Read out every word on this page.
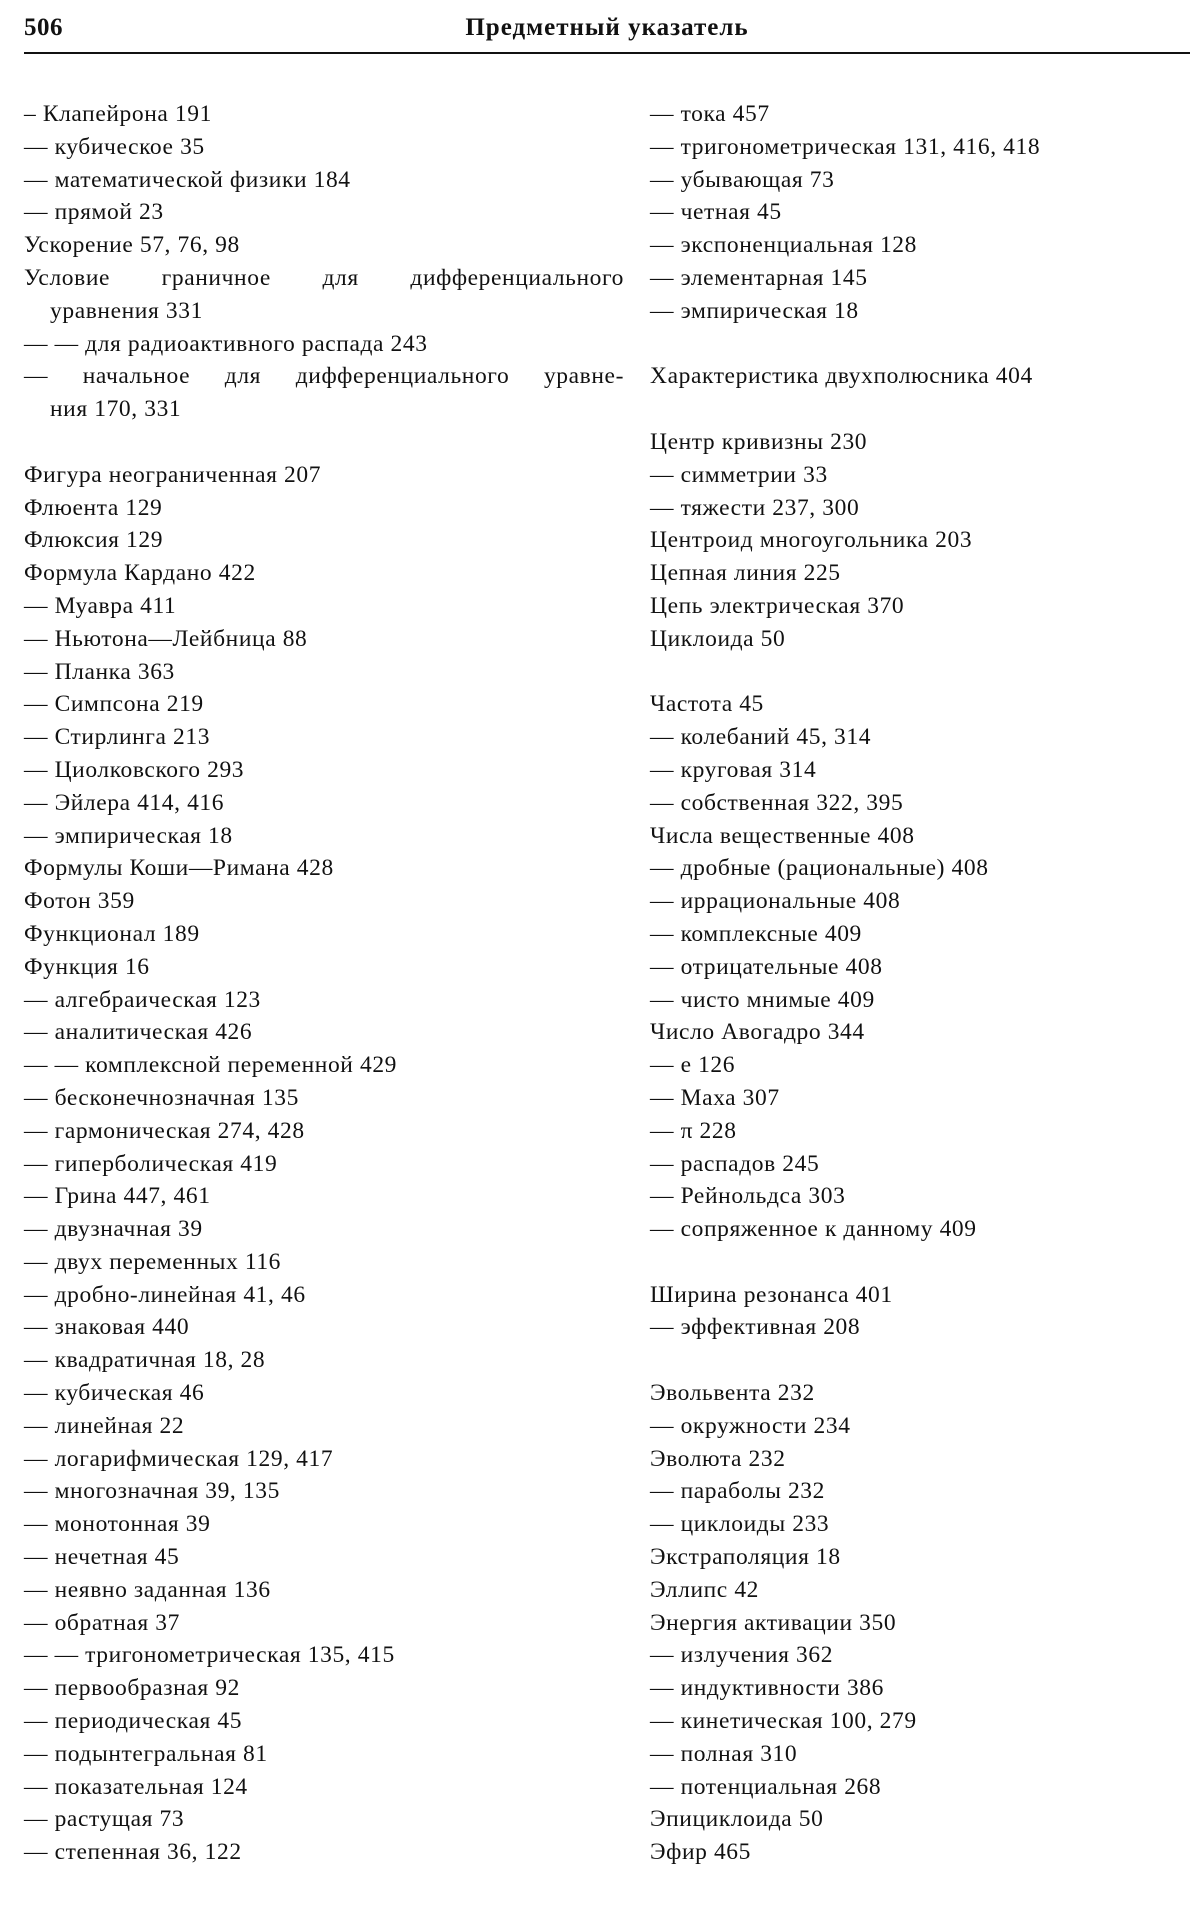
506	Предметный указатель
– Клапейрона 191
— кубическое 35
— математической физики 184
— прямой 23
Ускорение 57, 76, 98
Условие граничное для дифференциального
уравнения 331
— — для радиоактивного распада 243
— начальное для дифференциального уравне-
ния 170, 331
Фигура неограниченная 207
Флюента 129
Флюксия 129
Формула Кардано 422
— Муавра 411
— Ньютона—Лейбница 88
— Планка 363
— Симпсона 219
— Стирлинга 213
— Циолковского 293
— Эйлера 414, 416
— эмпирическая 18
Формулы Коши—Римана 428
Фотон 359
Функционал 189
Функция 16
— алгебраическая 123
— аналитическая 426
— — комплексной переменной 429
— бесконечнозначная 135
— гармоническая 274, 428
— гиперболическая 419
— Грина 447, 461
— двузначная 39
— двух переменных 116
— дробно-линейная 41, 46
— знаковая 440
— квадратичная 18, 28
— кубическая 46
— линейная 22
— логарифмическая 129, 417
— многозначная 39, 135
— монотонная 39
— нечетная 45
— неявно заданная 136
— обратная 37
— — тригонометрическая 135, 415
— первообразная 92
— периодическая 45
— подынтегральная 81
— показательная 124
— растущая 73
— степенная 36, 122
— тока 457
— тригонометрическая 131, 416, 418
— убывающая 73
— четная 45
— экспоненциальная 128
— элементарная 145
— эмпирическая 18
Характеристика двухполюсника 404
Центр кривизны 230
— симметрии 33
— тяжести 237, 300
Центроид многоугольника 203
Цепная линия 225
Цепь электрическая 370
Циклоида 50
Частота 45
— колебаний 45, 314
— круговая 314
— собственная 322, 395
Числа вещественные 408
— дробные (рациональные) 408
— иррациональные 408
— комплексные 409
— отрицательные 408
— чисто мнимые 409
Число Авогадро 344
— e 126
— Маха 307
— π 228
— распадов 245
— Рейнольдса 303
— сопряженное к данному 409
Ширина резонанса 401
— эффективная 208
Эвольвента 232
— окружности 234
Эволюта 232
— параболы 232
— циклоиды 233
Экстраполяция 18
Эллипс 42
Энергия активации 350
— излучения 362
— индуктивности 386
— кинетическая 100, 279
— полная 310
— потенциальная 268
Эпициклоида 50
Эфир 465
